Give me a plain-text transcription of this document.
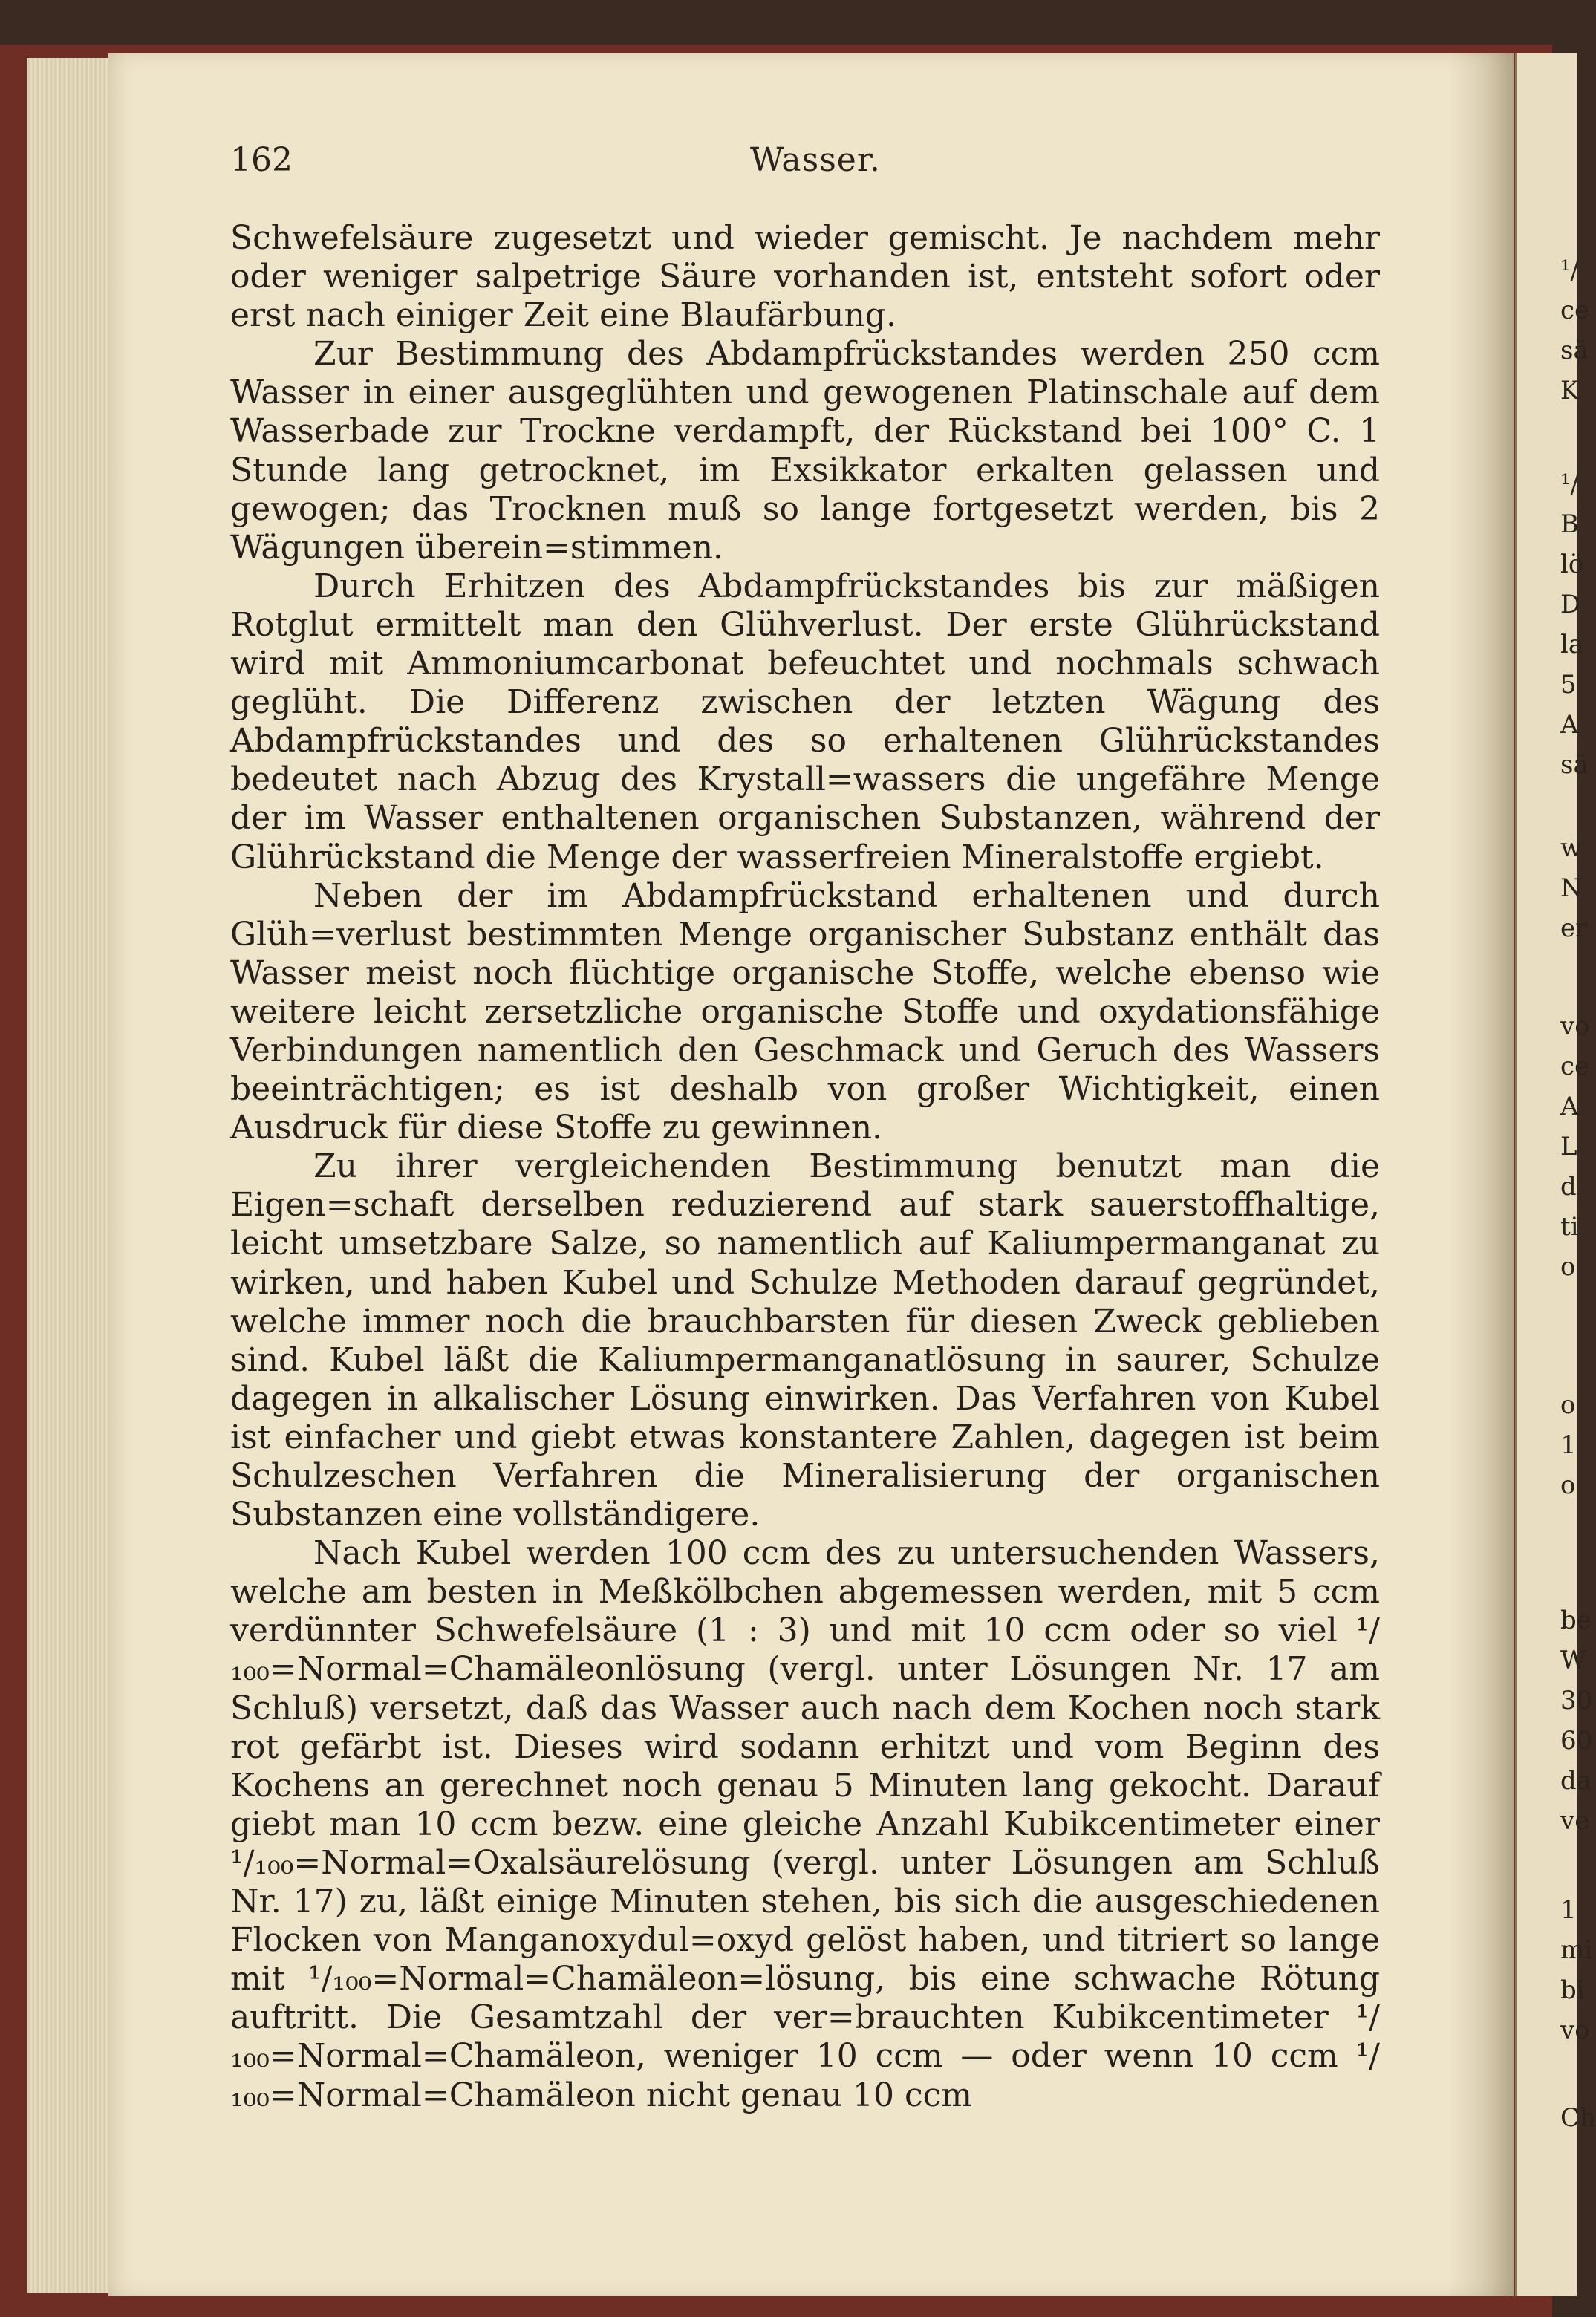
¹/
ce
sä
K
¹/
B
lö
D
la
5
A
sä
w
N
er
vo
ce
A
L
d
ti
o
o
1
o
be
W
30
60
da
ve
1
mi
bi
vo
Ch
162	Wasser.

Schwefelsäure zugesetzt und wieder gemischt. Je nachdem mehr oder weniger salpetrige Säure vorhanden ist, entsteht sofort oder erst nach einiger Zeit eine Blaufärbung.

Zur Bestimmung des Abdampfrückstandes werden 250 ccm Wasser in einer ausgeglühten und gewogenen Platinschale auf dem Wasserbade zur Trockne verdampft, der Rückstand bei 100° C. 1 Stunde lang getrocknet, im Exsikkator erkalten gelassen und gewogen; das Trocknen muß so lange fortgesetzt werden, bis 2 Wägungen überein=stimmen.

Durch Erhitzen des Abdampfrückstandes bis zur mäßigen Rotglut ermittelt man den Glühverlust. Der erste Glührückstand wird mit Ammoniumcarbonat befeuchtet und nochmals schwach geglüht. Die Differenz zwischen der letzten Wägung des Abdampfrückstandes und des so erhaltenen Glührückstandes bedeutet nach Abzug des Krystall=wassers die ungefähre Menge der im Wasser enthaltenen organischen Substanzen, während der Glührückstand die Menge der wasserfreien Mineralstoffe ergiebt.

Neben der im Abdampfrückstand erhaltenen und durch Glüh=verlust bestimmten Menge organischer Substanz enthält das Wasser meist noch flüchtige organische Stoffe, welche ebenso wie weitere leicht zersetzliche organische Stoffe und oxydationsfähige Verbindungen namentlich den Geschmack und Geruch des Wassers beeinträchtigen; es ist deshalb von großer Wichtigkeit, einen Ausdruck für diese Stoffe zu gewinnen.

Zu ihrer vergleichenden Bestimmung benutzt man die Eigen=schaft derselben reduzierend auf stark sauerstoffhaltige, leicht umsetzbare Salze, so namentlich auf Kaliumpermanganat zu wirken, und haben Kubel und Schulze Methoden darauf gegründet, welche immer noch die brauchbarsten für diesen Zweck geblieben sind. Kubel läßt die Kaliumpermanganatlösung in saurer, Schulze dagegen in alkalischer Lösung einwirken. Das Verfahren von Kubel ist einfacher und giebt etwas konstantere Zahlen, dagegen ist beim Schulzeschen Verfahren die Mineralisierung der organischen Substanzen eine vollständigere.

Nach Kubel werden 100 ccm des zu untersuchenden Wassers, welche am besten in Meßkölbchen abgemessen werden, mit 5 ccm verdünnter Schwefelsäure (1 : 3) und mit 10 ccm oder so viel ¹/₁₀₀=Normal=Chamäleonlösung (vergl. unter Lösungen Nr. 17 am Schluß) versetzt, daß das Wasser auch nach dem Kochen noch stark rot gefärbt ist. Dieses wird sodann erhitzt und vom Beginn des Kochens an gerechnet noch genau 5 Minuten lang gekocht. Darauf giebt man 10 ccm bezw. eine gleiche Anzahl Kubikcentimeter einer ¹/₁₀₀=Normal=Oxalsäurelösung (vergl. unter Lösungen am Schluß Nr. 17) zu, läßt einige Minuten stehen, bis sich die ausgeschiedenen Flocken von Manganoxydul=oxyd gelöst haben, und titriert so lange mit ¹/₁₀₀=Normal=Chamäleon=lösung, bis eine schwache Rötung auftritt. Die Gesamtzahl der ver=brauchten Kubikcentimeter ¹/₁₀₀=Normal=Chamäleon, weniger 10 ccm — oder wenn 10 ccm ¹/₁₀₀=Normal=Chamäleon nicht genau 10 ccm
